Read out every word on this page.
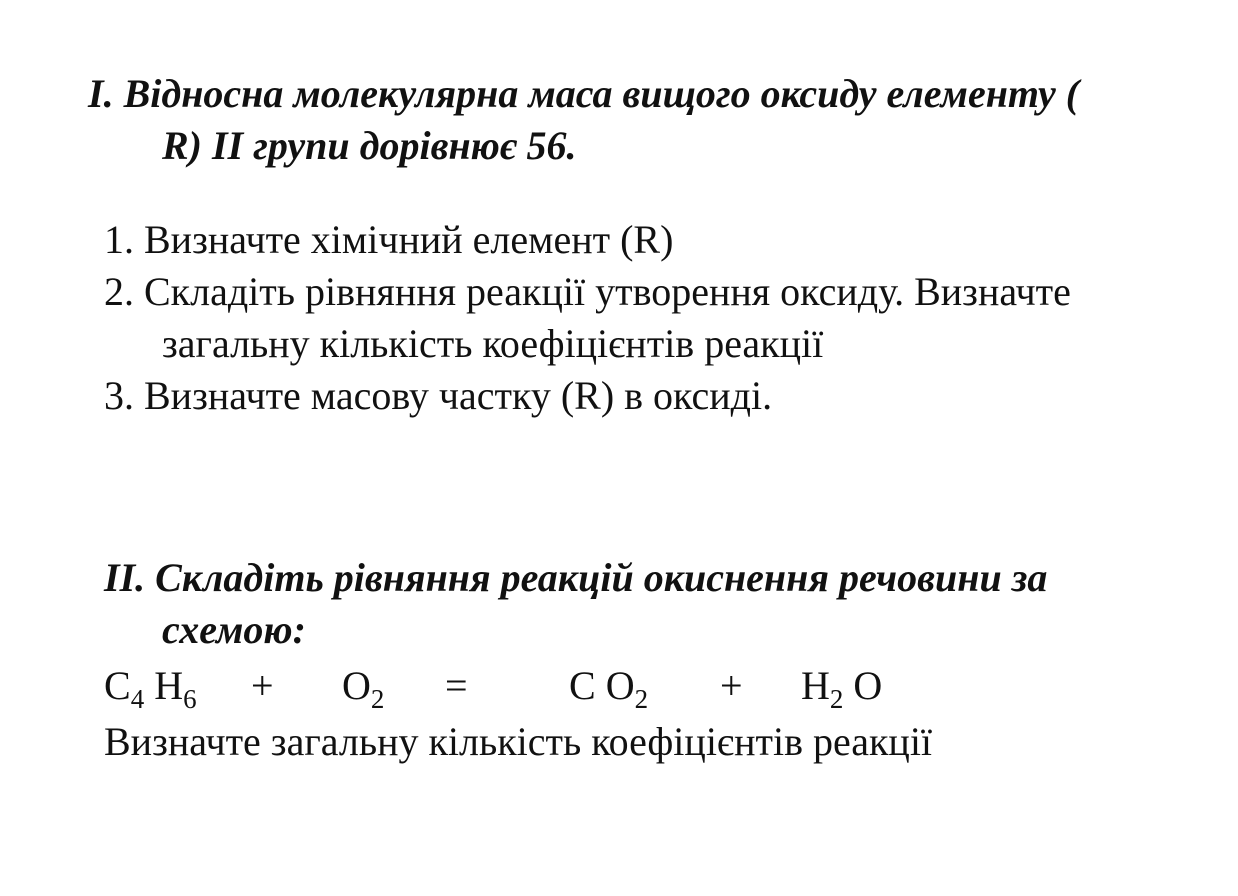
I. Відносна молекулярна маса вищого оксиду елементу (
R) II групи дорівнює 56.
1. Визначте хімічний елемент (R)
2. Складіть рівняння реакції утворення оксиду. Визначте
загальну кількість коефіцієнтів реакції
3. Визначте масову частку (R) в оксиді.
II. Складіть рівняння реакцій окиснення речовини за
схемою:
$C_4$ $H_6 + O_2$ =	C $O_2 + H_2$ O
Визначте загальну кількість коефіцієнтів реакції
